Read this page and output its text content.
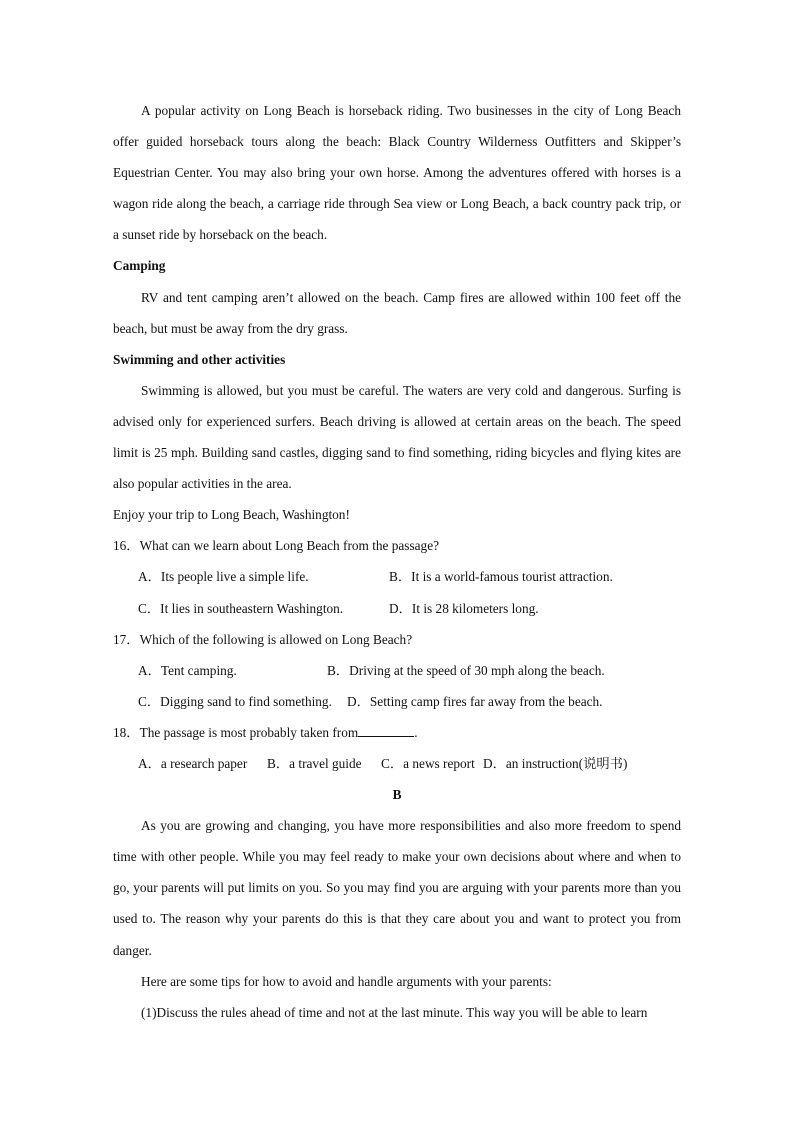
A popular activity on Long Beach is horseback riding. Two businesses in the city of Long Beach offer guided horseback tours along the beach: Black Country Wilderness Outfitters and Skipper’s Equestrian Center. You may also bring your own horse. Among the adventures offered with horses is a wagon ride along the beach, a carriage ride through Sea view or Long Beach, a back country pack trip, or a sunset ride by horseback on the beach.

Camping

RV and tent camping aren’t allowed on the beach. Camp fires are allowed within 100 feet off the beach, but must be away from the dry grass.

Swimming and other activities

Swimming is allowed, but you must be careful. The waters are very cold and dangerous. Surfing is advised only for experienced surfers. Beach driving is allowed at certain areas on the beach. The speed limit is 25 mph. Building sand castles, digging sand to find something, riding bicycles and flying kites are also popular activities in the area.

Enjoy your trip to Long Beach, Washington!

16．What can we learn about Long Beach from the passage?

A．Its people live a simple life.	B．It is a world-famous tourist attraction.
C．It lies in southeastern Washington.	D．It is 28 kilometers long.

17．Which of the following is allowed on Long Beach?

A．Tent camping.	B．Driving at the speed of 30 mph along the beach.
C．Digging sand to find something. D．Setting camp fires far away from the beach.

18．The passage is most probably taken from	.

A．a research paper B．a travel guide C．a news report D．an instruction(说明书)

B

As you are growing and changing, you have more responsibilities and also more freedom to spend time with other people. While you may feel ready to make your own decisions about where and when to go, your parents will put limits on you. So you may find you are arguing with your parents more than you used to. The reason why your parents do this is that they care about you and want to protect you from danger.

Here are some tips for how to avoid and handle arguments with your parents:

(1)Discuss the rules ahead of time and not at the last minute. This way you will be able to learn
